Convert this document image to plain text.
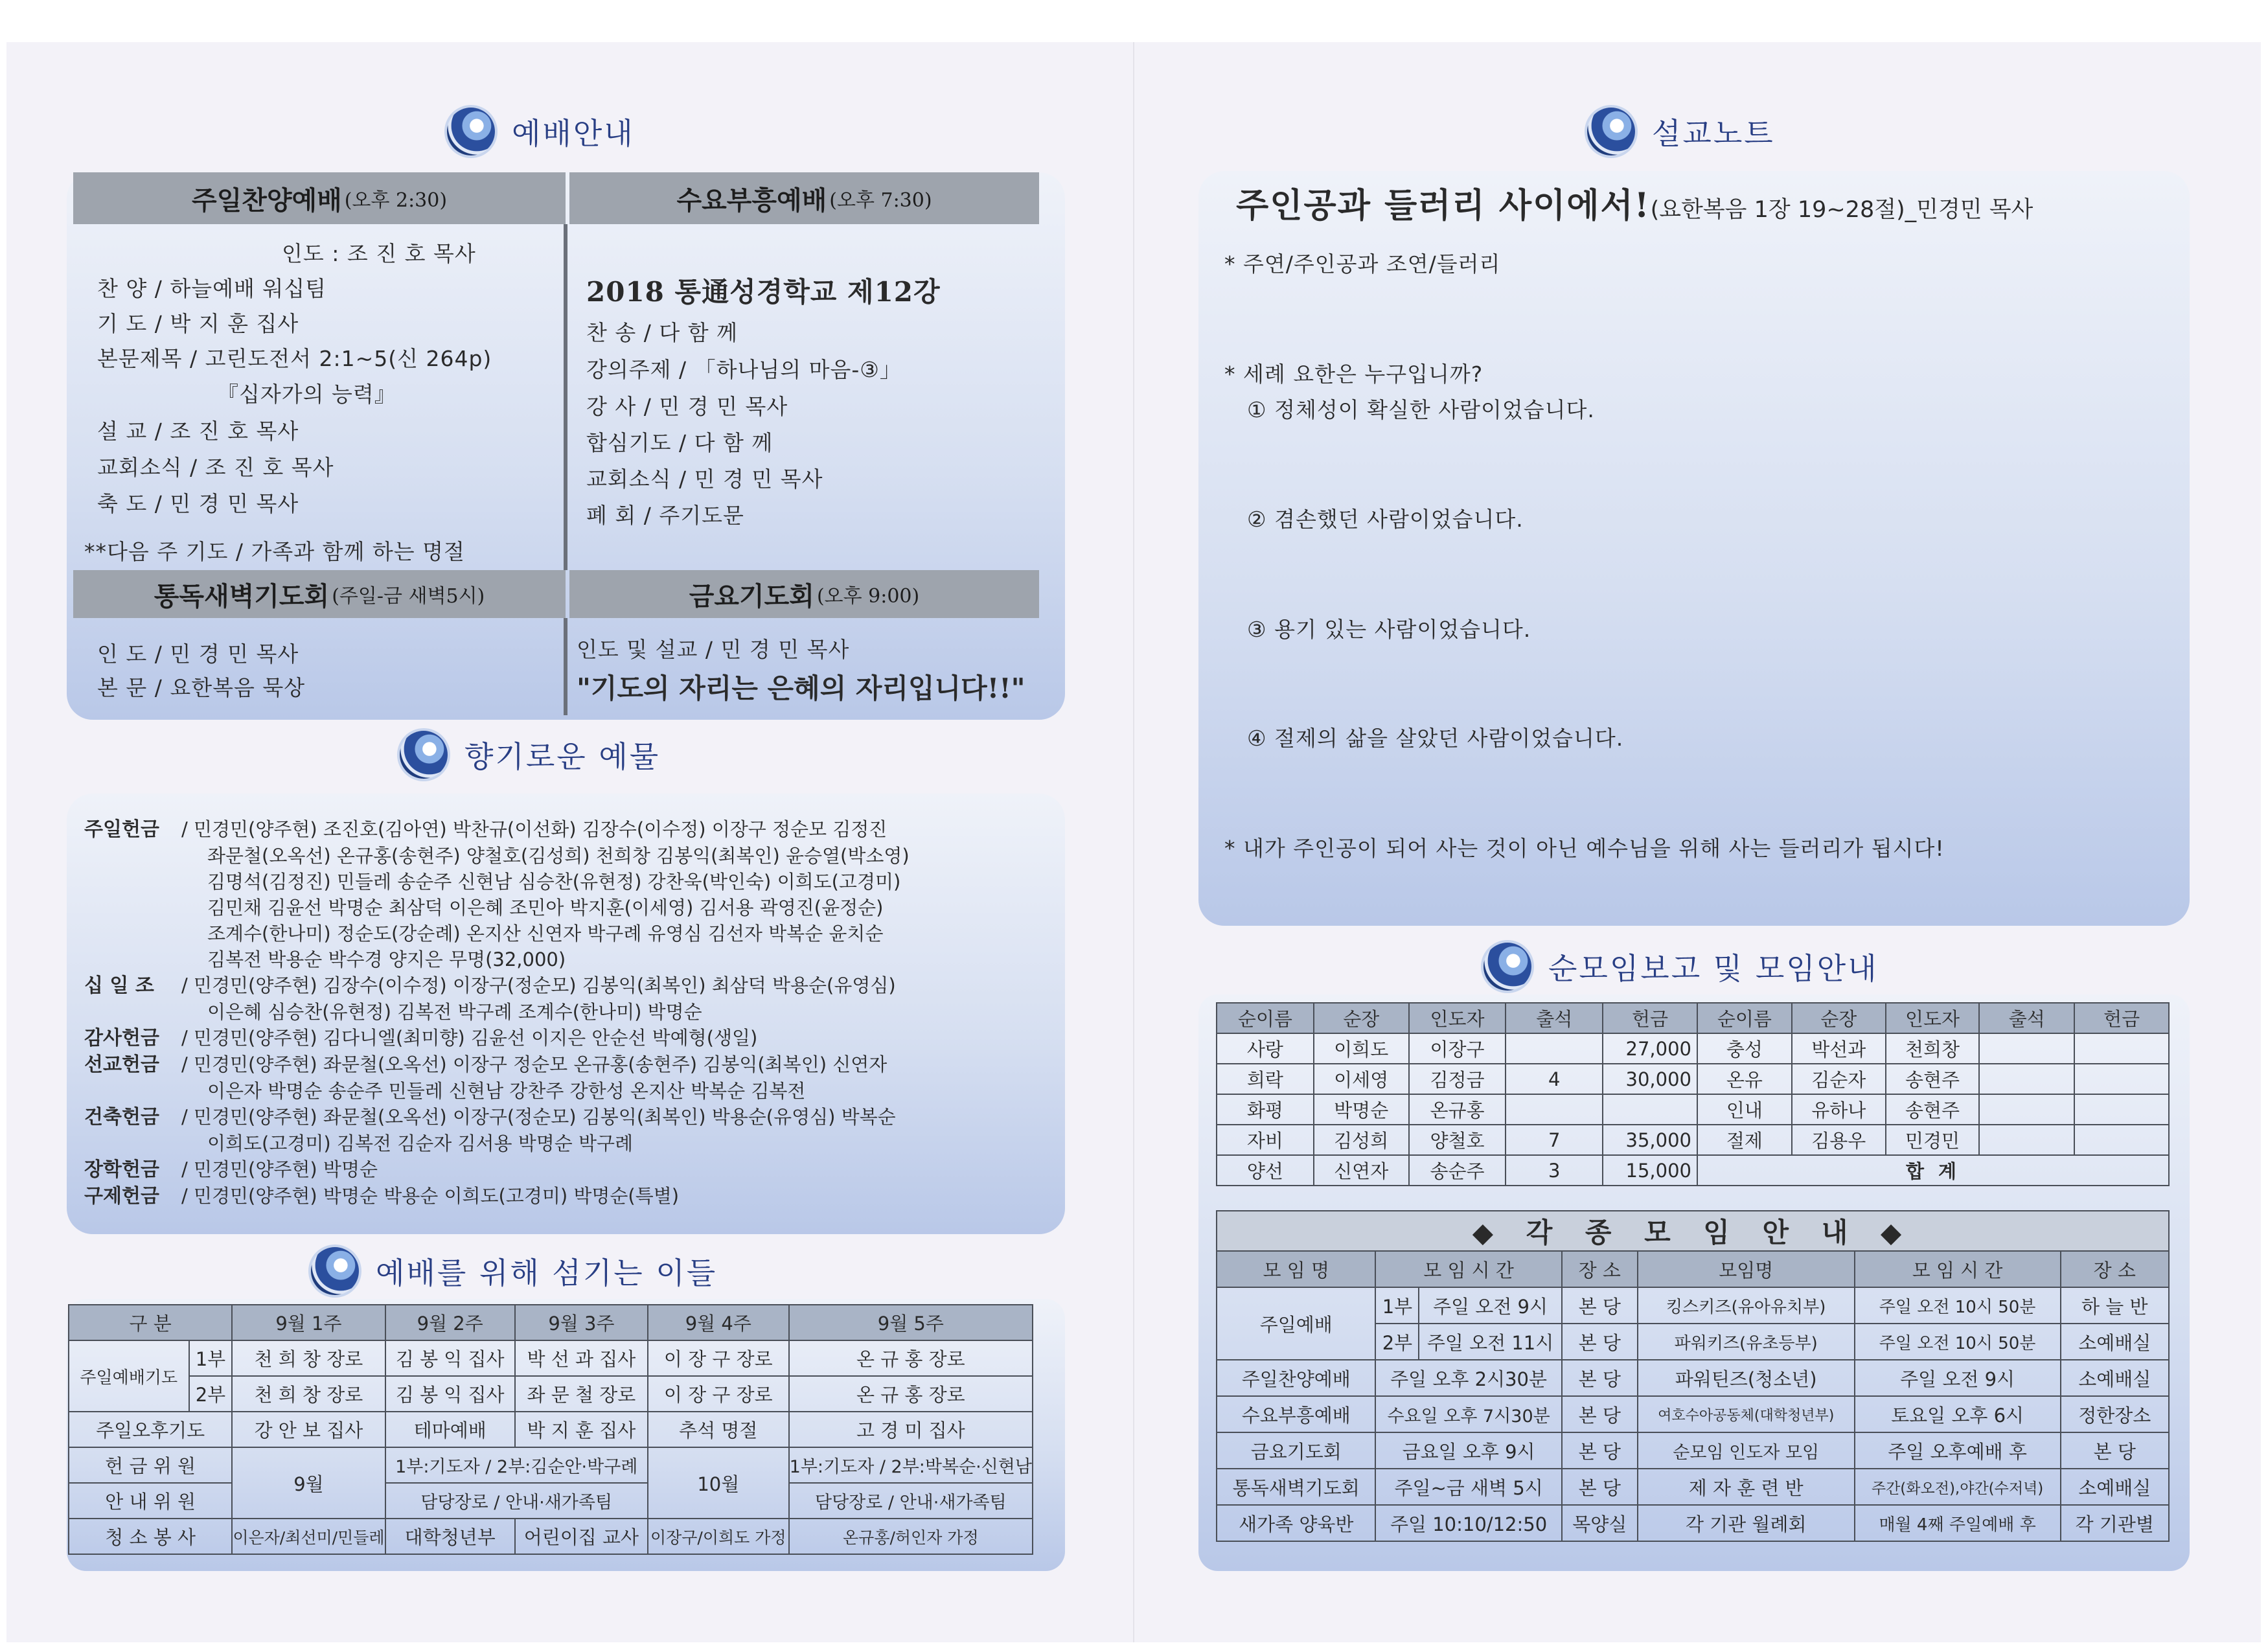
예배안내
주일찬양예배 (오후 2:30)	수요부흥예배 (오후 7:30)
인도 : 조 진 호 목사
찬 양 / 하늘예배 워십팀
기 도 / 박 지 훈 집사
본문제목 / 고린도전서 2:1~5(신 264p)
『십자가의 능력』
설 교 / 조 진 호 목사
교회소식 / 조 진 호 목사
축 도 / 민 경 민 목사
**다음 주 기도 / 가족과 함께 하는 명절
2018 통通성경학교 제12강
찬 송 / 다 함 께
강의주제 / 「하나님의 마음-③」
강 사 / 민 경 민 목사
합심기도 / 다 함 께
교회소식 / 민 경 민 목사
폐 회 / 주기도문
통독새벽기도회 (주일-금 새벽5시)	금요기도회 (오후 9:00)
인 도 / 민 경 민 목사
본 문 / 요한복음 묵상
인도 및 설교 / 민 경 민 목사
"기도의 자리는 은혜의 자리입니다!!"
향기로운 예물
주일헌금 / 민경민(양주현) 조진호(김아연) 박찬규(이선화) 김장수(이수정) 이장구 정순모 김정진
좌문철(오옥선) 온규홍(송현주) 양철호(김성희) 천희창 김봉익(최복인) 윤승열(박소영)
김명석(김정진) 민들레 송순주 신현남 심승찬(유현정) 강찬욱(박인숙) 이희도(고경미)
김민채 김윤선 박명순 최삼덕 이은혜 조민아 박지훈(이세영) 김서용 곽영진(윤정순)
조계수(한나미) 정순도(강순례) 온지산 신연자 박구례 유영심 김선자 박복순 윤치순
김복전 박용순 박수경 양지은 무명(32,000)
십 일 조 / 민경민(양주현) 김장수(이수정) 이장구(정순모) 김봉익(최복인) 최삼덕 박용순(유영심)
이은혜 심승찬(유현정) 김복전 박구례 조계수(한나미) 박명순
감사헌금 / 민경민(양주현) 김다니엘(최미향) 김윤선 이지은 안순선 박예형(생일)
선교헌금 / 민경민(양주현) 좌문철(오옥선) 이장구 정순모 온규홍(송현주) 김봉익(최복인) 신연자
이은자 박명순 송순주 민들레 신현남 강찬주 강한성 온지산 박복순 김복전
건축헌금 / 민경민(양주현) 좌문철(오옥선) 이장구(정순모) 김봉익(최복인) 박용순(유영심) 박복순
이희도(고경미) 김복전 김순자 김서용 박명순 박구례
장학헌금 / 민경민(양주현) 박명순
구제헌금 / 민경민(양주현) 박명순 박용순 이희도(고경미) 박명순(특별)
예배를 위해 섬기는 이들
구 분		9월 1주	9월 2주	9월 3주	9월 4주	9월 5주
주일예배기도	1부	천 희 창 장로	김 봉 익 집사	박 선 과 집사	이 장 구 장로	온 규 홍 장로
	2부	천 희 창 장로	김 봉 익 집사	좌 문 철 장로	이 장 구 장로	온 규 홍 장로
주일오후기도		강 안 보 집사	테마예배	박 지 훈 집사	추석 명절	고 경 미 집사
헌 금 위 원		9월	1부:기도자 / 2부:김순안·박구례		10월	1부:기도자 / 2부:박복순·신현남
안 내 위 원			담당장로 / 안내·새가족팀			담당장로 / 안내·새가족팀
청 소 봉 사		이은자/최선미/민들레	대학청년부	어린이집 교사	이장구/이희도 가정	온규홍/허인자 가정
설교노트
주인공과 들러리 사이에서!(요한복음 1장 19~28절)_민경민 목사
* 주연/주인공과 조연/들러리
* 세례 요한은 누구입니까?
① 정체성이 확실한 사람이었습니다.
② 겸손했던 사람이었습니다.
③ 용기 있는 사람이었습니다.
④ 절제의 삶을 살았던 사람이었습니다.
* 내가 주인공이 되어 사는 것이 아닌 예수님을 위해 사는 들러리가 됩시다!
순모임보고 및 모임안내
순이름	순장	인도자	출석	헌금	순이름	순장	인도자	출석	헌금
사랑	이희도	이장구		27,000	충성	박선과	천희창		
희락	이세영	김정금	4	30,000	온유	김순자	송현주		
화평	박명순	온규홍			인내	유하나	송현주		
자비	김성희	양철호	7	35,000	절제	김용우	민경민		
양선	신연자	송순주	3	15,000	합 계				
◆ 각 종 모 임 안 내 ◆						
모 임 명	모 임 시 간		장 소	모임명	모 임 시 간	장 소
주일예배	1부	주일 오전 9시	본 당	킹스키즈(유아유치부)	주일 오전 10시 50분	하 늘 반
	2부	주일 오전 11시	본 당	파워키즈(유초등부)	주일 오전 10시 50분	소예배실
주일찬양예배	주일 오후 2시30분		본 당	파워틴즈(청소년)	주일 오전 9시	소예배실
수요부흥예배	수요일 오후 7시30분		본 당	여호수아공동체(대학청년부)	토요일 오후 6시	정한장소
금요기도회	금요일 오후 9시		본 당	순모임 인도자 모임	주일 오후예배 후	본 당
통독새벽기도회	주일~금 새벽 5시		본 당	제 자 훈 련 반	주간(화오전),야간(수저녁)	소예배실
새가족 양육반	주일 10:10/12:50		목양실	각 기관 월례회	매월 4째 주일예배 후	각 기관별
